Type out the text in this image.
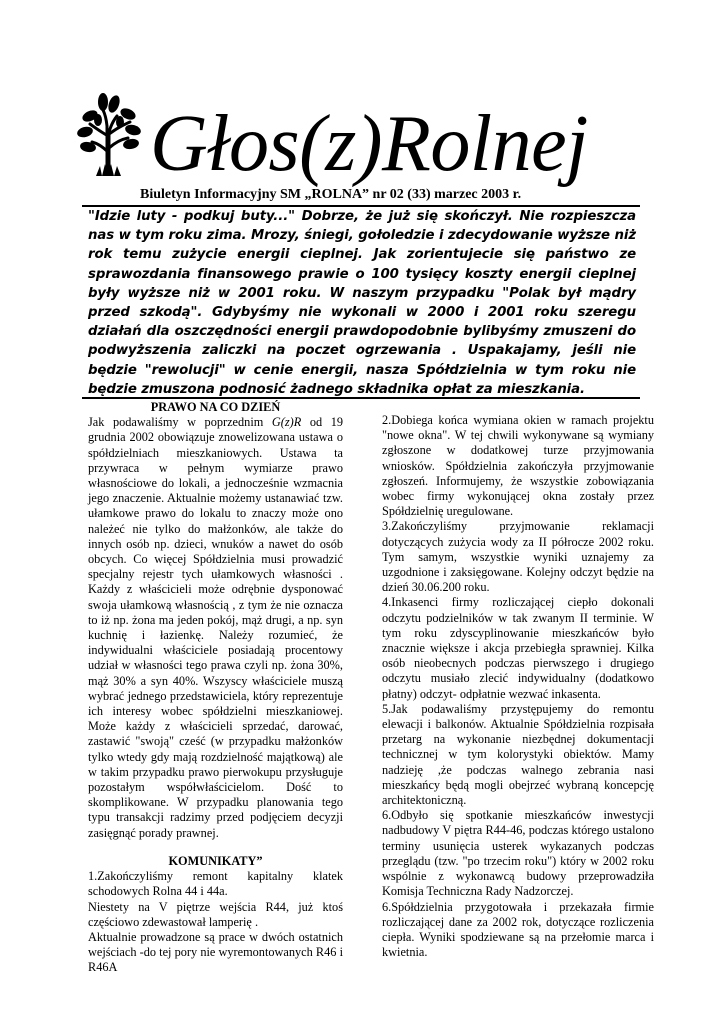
Głos(z)Rolnej
Biuletyn Informacyjny SM „ROLNA” nr 02 (33) marzec 2003 r.
"Idzie luty - podkuj buty..." Dobrze, że już się skończył. Nie rozpieszcza nas w tym roku zima. Mrozy, śniegi, gołoledzie i zdecydowanie wyższe niż rok temu zużycie energii cieplnej. Jak zorientujecie się państwo ze sprawozdania finansowego prawie o 100 tysięcy koszty energii cieplnej były wyższe niż w 2001 roku. W naszym przypadku "Polak był mądry przed szkodą". Gdybyśmy nie wykonali w 2000 i 2001 roku szeregu działań dla oszczędności energii prawdopodobnie bylibyśmy zmuszeni do podwyższenia zaliczki na poczet ogrzewania . Uspakajamy, jeśli nie będzie "rewolucji" w cenie energii, nasza Spółdzielnia w tym roku nie będzie zmuszona podnosić żadnego składnika opłat za mieszkania.

PRAWO NA CO DZIEŃ

Jak podawaliśmy w poprzednim G(z)R od 19 grudnia 2002 obowiązuje znowelizowana ustawa o spółdzielniach mieszkaniowych. Ustawa ta przywraca w pełnym wymiarze prawo własnościowe do lokali, a jednocześnie wzmacnia jego znaczenie. Aktualnie możemy ustanawiać tzw. ułamkowe prawo do lokalu to znaczy może ono należeć nie tylko do małżonków, ale także do innych osób np. dzieci, wnuków a nawet do osób obcych. Co więcej Spółdzielnia musi prowadzić specjalny rejestr tych ułamkowych własności . Każdy z właścicieli może odrębnie dysponować swoja ułamkową własnością , z tym że nie oznacza to iż np. żona ma jeden pokój, mąż drugi, a np. syn kuchnię i łazienkę. Należy rozumieć, że indywidualni właściciele posiadają procentowy udział w własności tego prawa czyli np. żona 30%, mąż 30% a syn 40%. Wszyscy właściciele muszą wybrać jednego przedstawiciela, który reprezentuje ich interesy wobec spółdzielni mieszkaniowej. Może każdy z właścicieli sprzedać, darować, zastawić "swoją" cześć (w przypadku małżonków tylko wtedy gdy mają rozdzielność majątkową) ale w takim przypadku prawo pierwokupu przysługuje pozostałym współwłaścicielom. Dość to skomplikowane. W przypadku planowania tego typu transakcji radzimy przed podjęciem decyzji zasięgnąć porady prawnej.

KOMUNIKATY”

1.Zakończyliśmy remont kapitalny klatek schodowych Rolna 44 i 44a.

Niestety na V piętrze wejścia R44, już ktoś częściowo zdewastował lamperię .

Aktualnie prowadzone są prace w dwóch ostatnich wejściach -do tej pory nie wyremontowanych R46 i R46A

2.Dobiega końca wymiana okien w ramach projektu "nowe okna". W tej chwili wykonywane są wymiany zgłoszone w dodatkowej turze przyjmowania wniosków. Spółdzielnia zakończyła przyjmowanie zgłoszeń. Informujemy, że wszystkie zobowiązania wobec firmy wykonującej okna zostały przez Spółdzielnię uregulowane.

3.Zakończyliśmy przyjmowanie reklamacji dotyczących zużycia wody za II półrocze 2002 roku. Tym samym, wszystkie wyniki uznajemy za uzgodnione i zaksięgowane. Kolejny odczyt będzie na dzień 30.06.200 roku.

4.Inkasenci firmy rozliczającej ciepło dokonali odczytu podzielników w tak zwanym II terminie. W tym roku zdyscyplinowanie mieszkańców było znacznie większe i akcja przebiegła sprawniej. Kilka osób nieobecnych podczas pierwszego i drugiego odczytu musiało zlecić indywidualny (dodatkowo płatny) odczyt- odpłatnie wezwać inkasenta.

5.Jak podawaliśmy przystępujemy do remontu elewacji i balkonów. Aktualnie Spółdzielnia rozpisała przetarg na wykonanie niezbędnej dokumentacji technicznej w tym kolorystyki obiektów. Mamy nadzieję ,że podczas walnego zebrania nasi mieszkańcy będą mogli obejrzeć wybraną koncepcję architektoniczną.

6.Odbyło się spotkanie mieszkańców inwestycji nadbudowy V piętra R44-46, podczas którego ustalono terminy usunięcia usterek wykazanych podczas przeglądu (tzw. "po trzecim roku") który w 2002 roku wspólnie z wykonawcą budowy przeprowadziła Komisja Techniczna Rady Nadzorczej.

6.Spółdzielnia przygotowała i przekazała firmie rozliczającej dane za 2002 rok, dotyczące rozliczenia ciepła. Wyniki spodziewane są na przełomie marca i kwietnia.
